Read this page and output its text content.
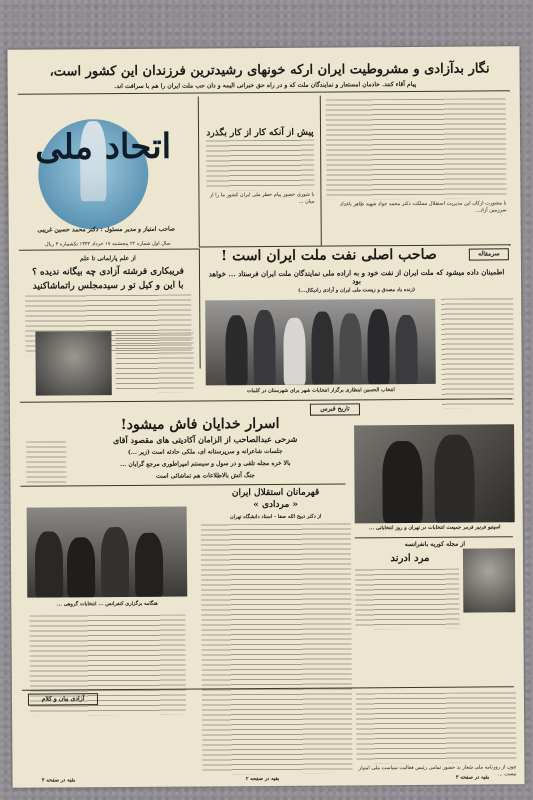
نگار بدآزادی و مشروطیت ایران ارکه خونهای رشیدترین فرزندان این کشور است،
پیام آقاء کنند. خادمان امستعار و نمایندگان ملت که و در راه حق خبرانی الیمه و دان حب ملت ایران را هم با سرافت اند.
اتحاد ملی
صاحب امتیاز و مدیر مسئول : دکتر محمد حسین غریبی
سال اول شماره ۲۲ پنجشنبه ۱۷ خرداد ۱۳۳۲ تکشماره ۳ ریال
پیش از آنکه کار از کار بگذرد
با شوری حضور پیام خطر ملی ایران کشور ما را از میان ...	با مشورت ارکان این مدیریت استقلال مملکت دکتر محمد جواد شهید طاهر باغداد سرزمین آزاد...
سرمقاله
صاحب اصلی نفت ملت ایران است !
اطمینان داده میشود که ملت ایران از نفت خود و به اراده ملی نمایندگان ملت ایران فرستاد ... خواهد بود
(زنده باد مصدق و زیست ملی ایران و آزادی رادیکال...)
از علم پارلمانی تا علم
فریبکاری فرشته آزادی چه بیگانه ندیده ؟
با این و کیل تو ر سیدمجلس راتماشاکنید
انتخاب الحسین ابتظاری برگزار انتخابات شهر برای شهرستان در کلمات
تاریخ قبرس
اسرار خدایان فاش میشود!
شرحی عبدالصاحب از الزامان آکادیتی های مقصود آقای
جلسات شاعرانه و سرپرستانه ای، ملکی حادثه است (زیر ...)
بالا خره مجله تلقی و در سول و سیستم امپراطوری مرجع گرایان ...
جنگ آتش بالاطلاعات هم تماشائی است
اسپتیو فرنیر فرمر جمیعت انتخابات در تهران و روز انتخاباتی ...
قهرمانان استقلال ایران
« مردادی »
از دکتر ذبیح الله صفا - استاد دانشگاه تهران
هنگامه برگزاری کنفرانس ... انتخابات گروهی ...
از مجله کوریه بانفرانسه
مرد ادرند
آزادی بیان و کلام
چون از روزنامه ملی شعار بد حضور تمامی رئیس فعالیت سیاست ملی امتیاز نیست ...
بقیه در صفحه ۴	بقیه در صفحه ۲	بقیه در صفحه ۳
